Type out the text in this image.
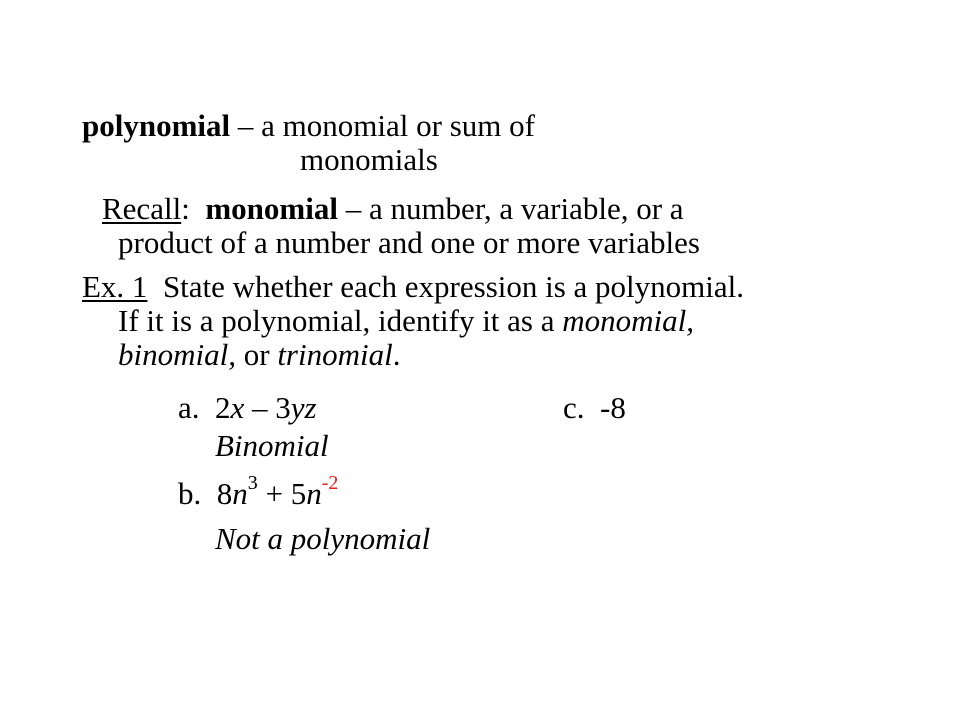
polynomial – a monomial or sum of
monomials
Recall: monomial – a number, a variable, or a
product of a number and one or more variables
Ex. 1 State whether each expression is a polynomial.
If it is a polynomial, identify it as a monomial,
binomial, or trinomial.
a. 2x – 3yz
Binomial
c. -8
b. $8n^3 + 5n^{-2}$
Not a polynomial
